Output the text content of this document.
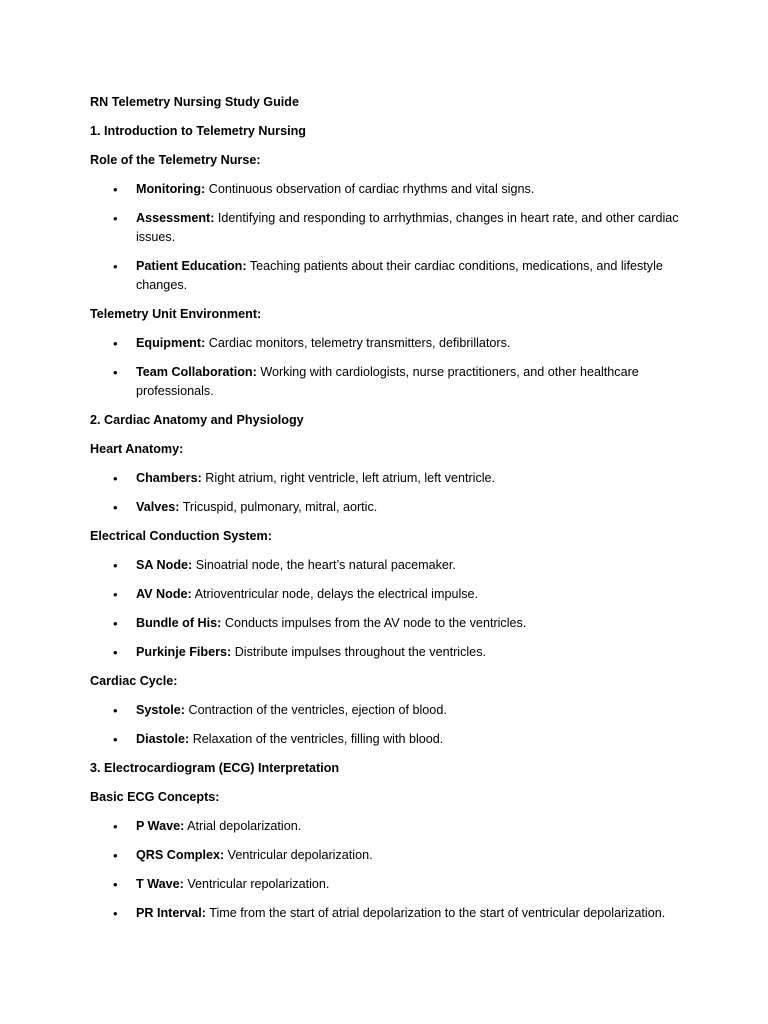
RN Telemetry Nursing Study Guide

1. Introduction to Telemetry Nursing

Role of the Telemetry Nurse:

• Monitoring: Continuous observation of cardiac rhythms and vital signs.
• Assessment: Identifying and responding to arrhythmias, changes in heart rate, and other cardiac issues.
• Patient Education: Teaching patients about their cardiac conditions, medications, and lifestyle changes.

Telemetry Unit Environment:

• Equipment: Cardiac monitors, telemetry transmitters, defibrillators.
• Team Collaboration: Working with cardiologists, nurse practitioners, and other healthcare professionals.

2. Cardiac Anatomy and Physiology

Heart Anatomy:

• Chambers: Right atrium, right ventricle, left atrium, left ventricle.
• Valves: Tricuspid, pulmonary, mitral, aortic.

Electrical Conduction System:

• SA Node: Sinoatrial node, the heart’s natural pacemaker.
• AV Node: Atrioventricular node, delays the electrical impulse.
• Bundle of His: Conducts impulses from the AV node to the ventricles.
• Purkinje Fibers: Distribute impulses throughout the ventricles.

Cardiac Cycle:

• Systole: Contraction of the ventricles, ejection of blood.
• Diastole: Relaxation of the ventricles, filling with blood.

3. Electrocardiogram (ECG) Interpretation

Basic ECG Concepts:

• P Wave: Atrial depolarization.
• QRS Complex: Ventricular depolarization.
• T Wave: Ventricular repolarization.
• PR Interval: Time from the start of atrial depolarization to the start of ventricular depolarization.
